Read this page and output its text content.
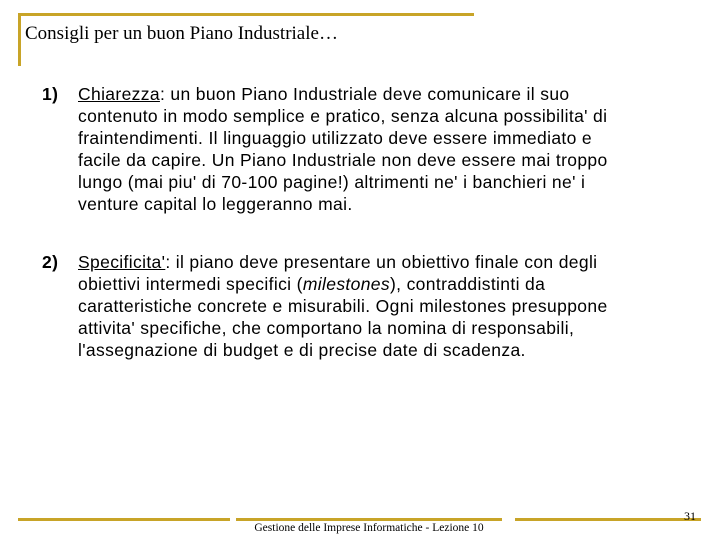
Consigli per un buon Piano Industriale…
1) Chiarezza: un buon Piano Industriale deve comunicare il suo
contenuto in modo semplice e pratico, senza alcuna possibilita' di
fraintendimenti. Il linguaggio utilizzato deve essere immediato e
facile da capire. Un Piano Industriale non deve essere mai troppo
lungo (mai piu' di 70-100 pagine!) altrimenti ne' i banchieri ne' i
venture capital lo leggeranno mai.
2) Specificita': il piano deve presentare un obiettivo finale con degli
obiettivi intermedi specifici (milestones), contraddistinti da
caratteristiche concrete e misurabili. Ogni milestones presuppone
attivita' specifiche, che comportano la nomina di responsabili,
l'assegnazione di budget e di precise date di scadenza.
Gestione delle Imprese Informatiche - Lezione 10
31
